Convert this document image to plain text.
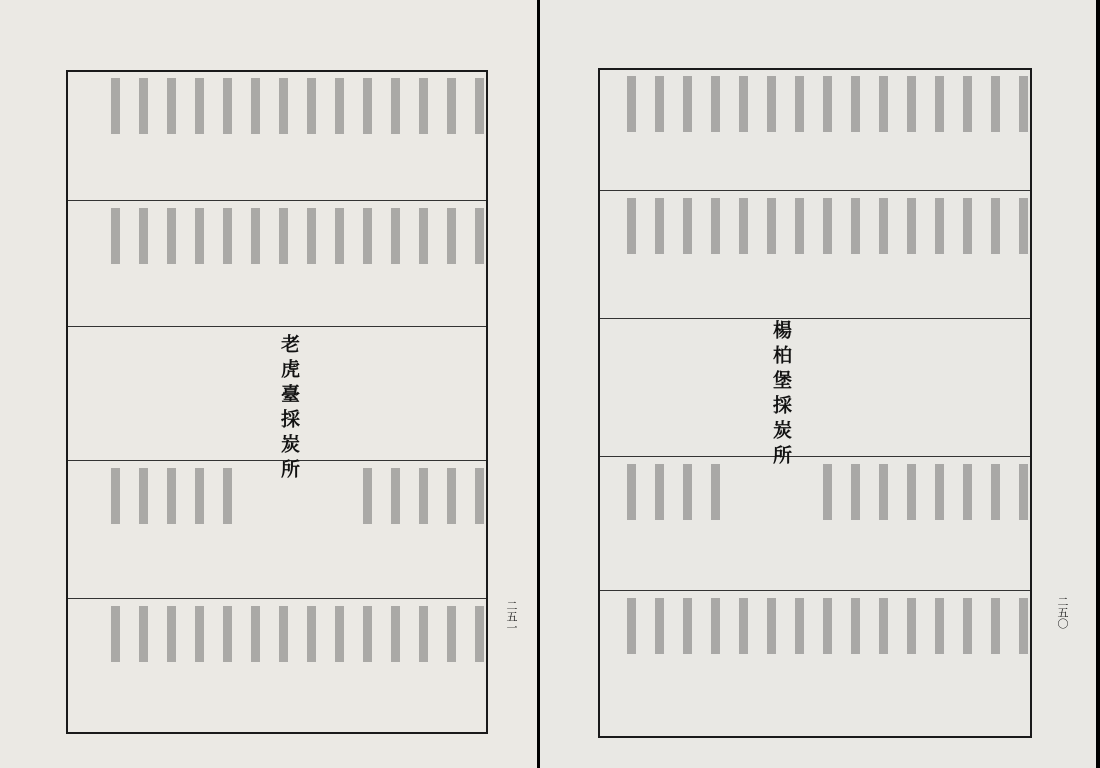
老虎臺採炭所
二五一
楊柏堡採炭所
二五〇
